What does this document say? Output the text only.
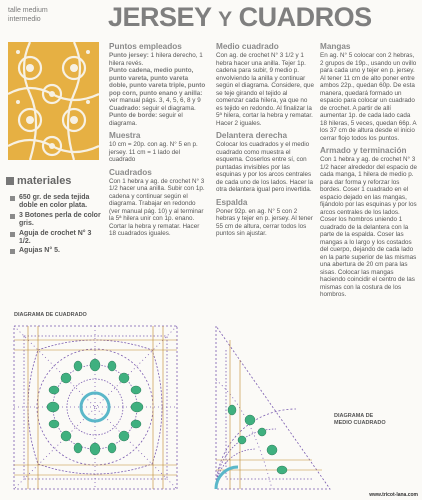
talle medium
intermedio JERSEY Y CUADROS
materiales
650 gr. de seda tejida doble en color plata.
3 Botones perla de color gris.
Aguja de crochet N° 3 1/2.
Agujas N° 5.
Puntos empleados

Punto jersey: 1 hilera derecho, 1 hilera revés.
Punto cadena, medio punto, punto vareta, punto vareta doble, punto vareta triple, punto pop corn, punto enano y anilla: ver manual págs. 3, 4, 5, 6, 8 y 9
Cuadrado: seguir el diagrama.
Punto de borde: seguir el diagrama.

Muestra

10 cm = 20p. con ag. N° 5 en p. jersey. 11 cm = 1 lado del cuadrado

Cuadrados

Con 1 hebra y ag. de crochet N° 3 1/2 hacer una anilla. Subir con 1p. cadena y continuar según el diagrama. Trabajar en redondo (ver manual pág. 10) y al terminar la 5ª hilera unir con 1p. enano. Cortar la hebra y rematar. Hacer 18 cuadrados iguales.

Medio cuadrado

Con ag. de crochet N° 3 1/2 y 1 hebra hacer una anilla. Tejer 1p. cadena para subir, 9 medio p. envolviendo la anilla y continuar según el diagrama. Considere, que se teje girando el tejido al comenzar cada hilera, ya que no es tejido en redondo. Al finalizar la 5ª hilera, cortar la hebra y rematar. Hacer 2 iguales.

Delantera derecha

Colocar los cuadrados y el medio cuadrado como muestra el esquema. Coserlos entre sí, con puntadas invisibles por las esquinas y por los arcos centrales de cada uno de los lados. Hacer la otra delantera igual pero invertida.

Espalda

Poner 92p. en ag. N° 5 con 2 hebras y tejer en p. jersey. Al tener 55 cm de altura, cerrar todos los puntos sin ajustar.

Mangas

En ag. N° 5 colocar con 2 hebras, 2 grupos de 19p., usando un ovillo para cada uno y tejer en p. jersey. Al tener 11 cm de alto poner entre ambos 22p., quedan 60p. De esta manera, quedará formado un espacio para colocar un cuadrado de crochet. A partir de allí aumentar 1p. de cada lado cada 18 hileras, 5 veces, quedan 66p. A los 37 cm de altura desde el inicio cerrar flojo todos los puntos.

Armado y terminación

Con 1 hebra y ag. de crochet N° 3 1/2 hacer alrededor del espacio de cada manga, 1 hilera de medio p. para dar forma y reforzar los bordes. Coser 1 cuadrado en el espacio dejado en las mangas, fijándolo por las esquinas y por los arcos centrales de los lados. Coser los hombros uniendo 1 cuadrado de la delantera con la parte de la espalda. Coser las mangas a lo largo y los costados del cuerpo, dejando de cada lado en la parte superior de las mismas una abertura de 20 cm para las sisas. Colocar las mangas haciendo coincidir el centro de las mismas con la costura de los hombros.

DIAGRAMA DE CUADRADO
DIAGRAMA DE
MEDIO CUADRADO
www.tricot-lana.com
